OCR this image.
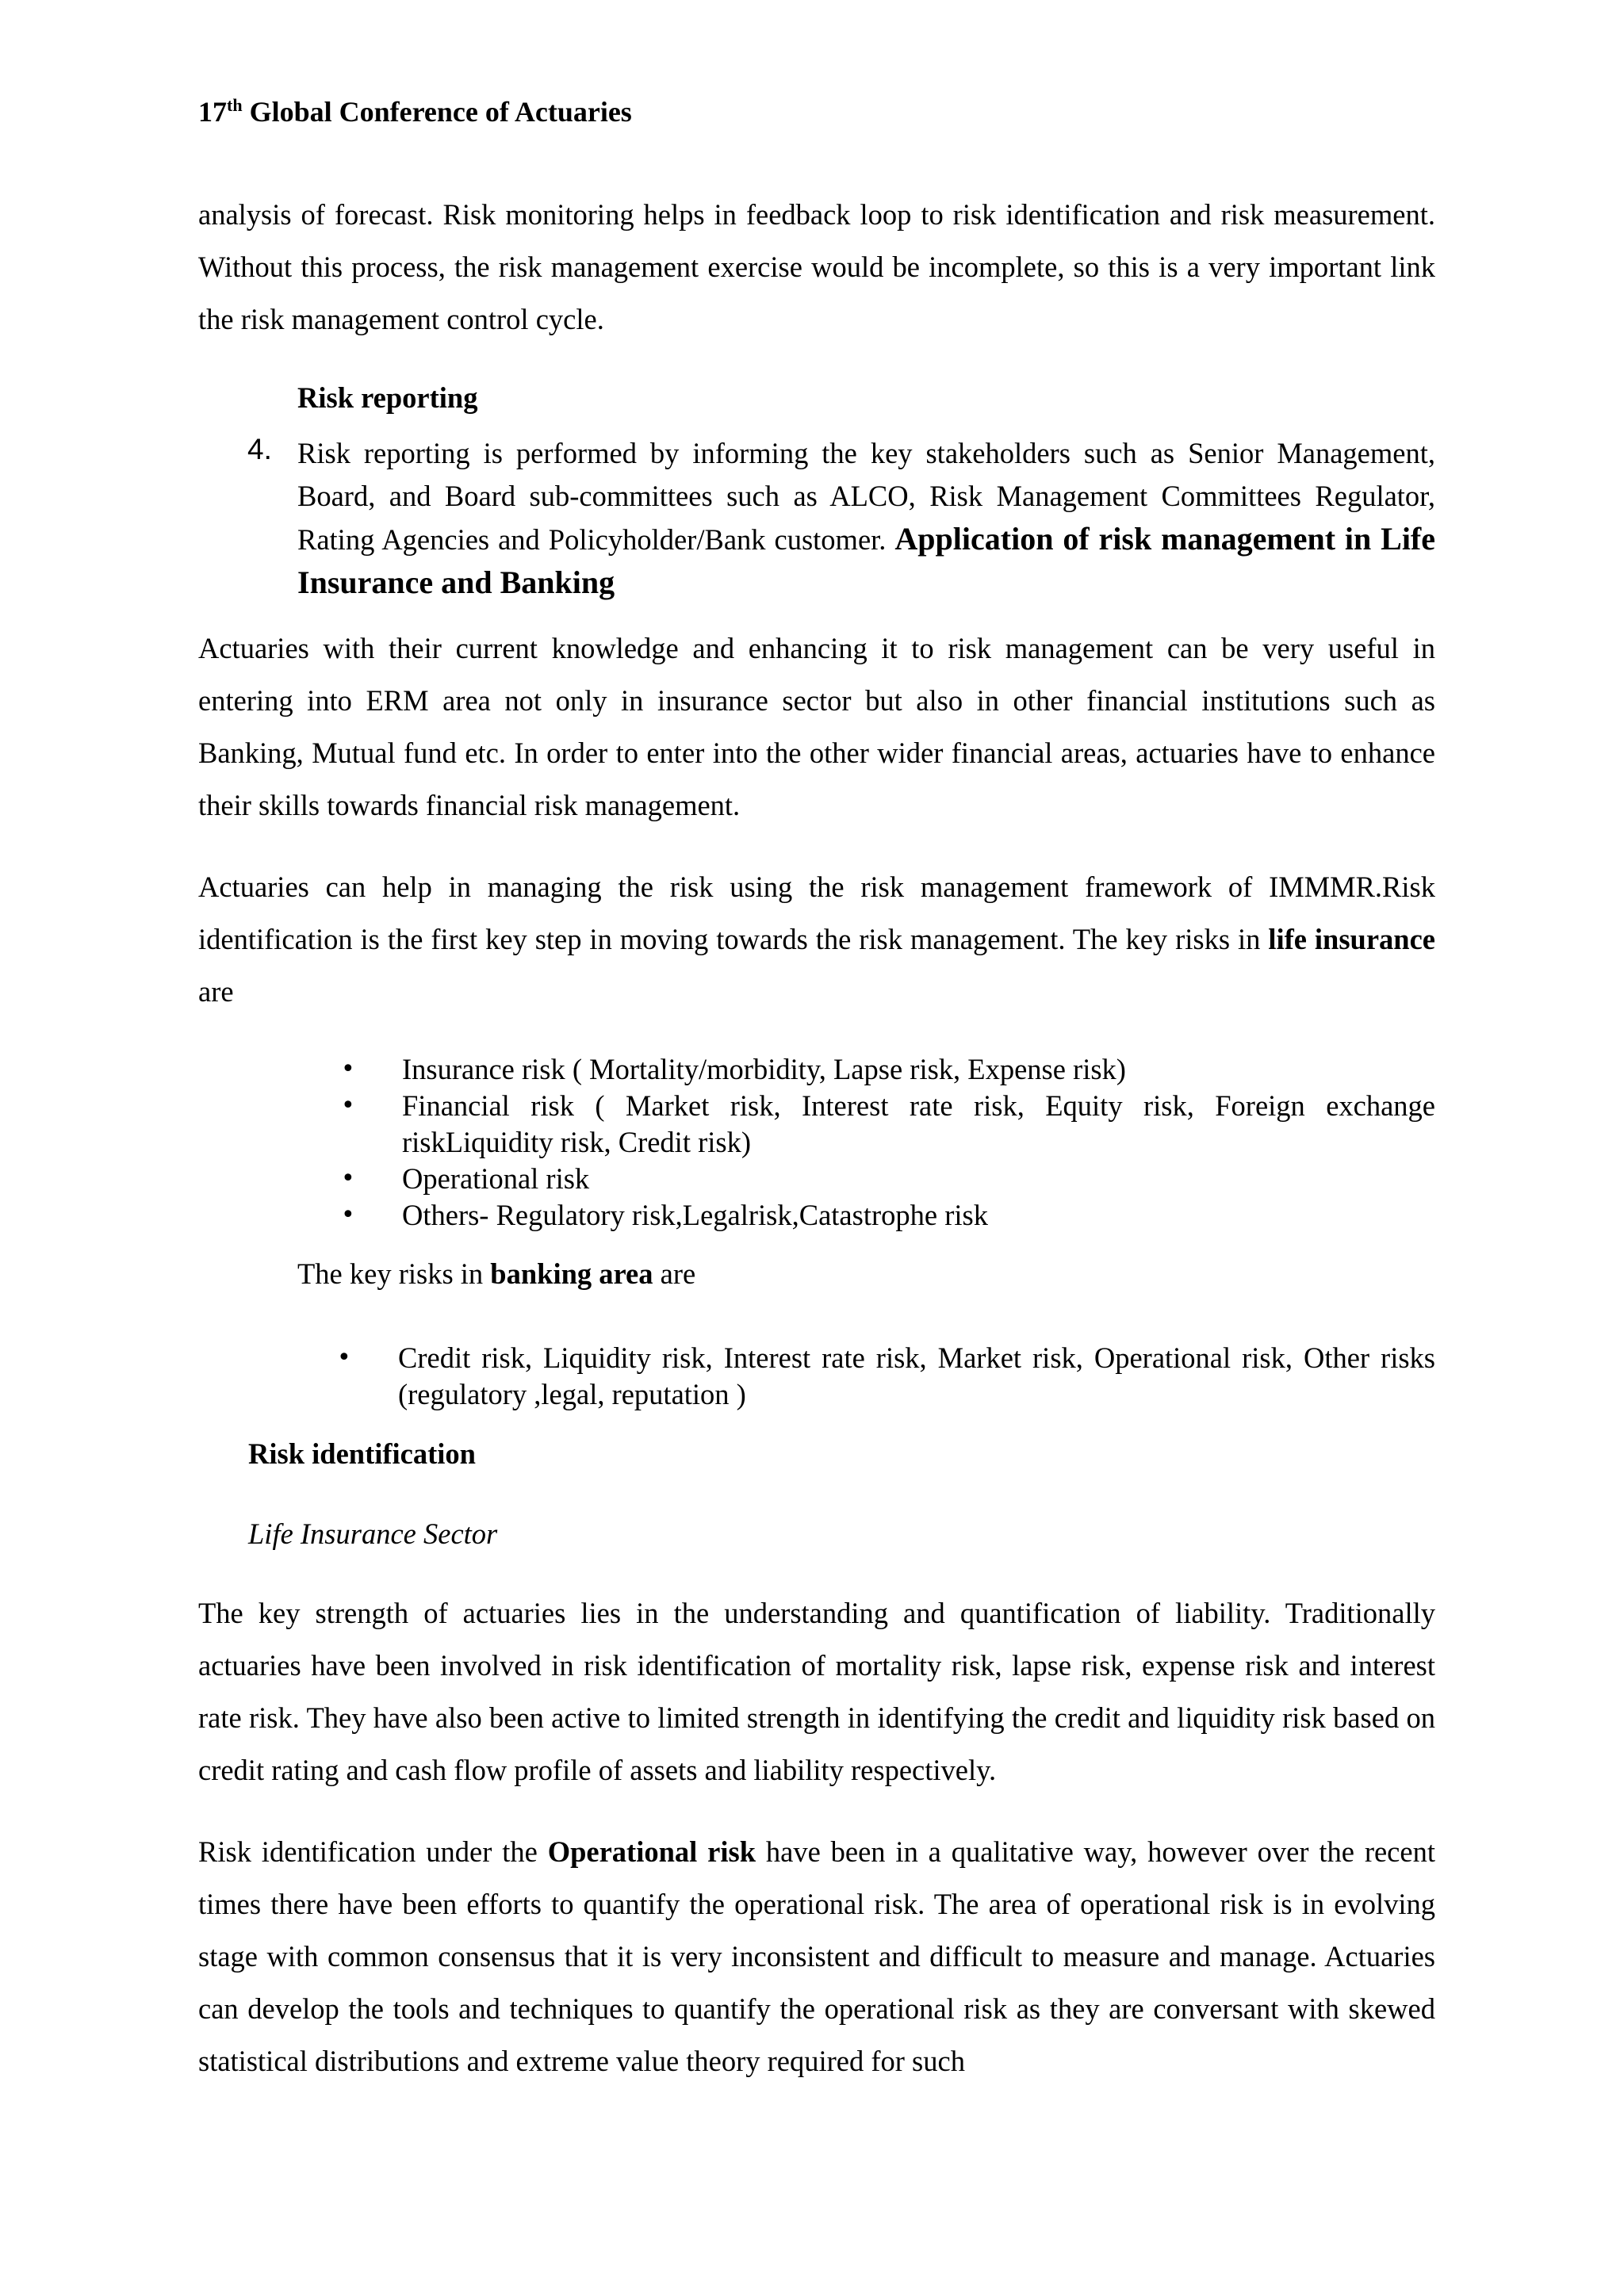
17th Global Conference of Actuaries
analysis of forecast. Risk monitoring helps in feedback loop to risk identification and risk measurement. Without this process, the risk management exercise would be incomplete, so this is a very important link the risk management control cycle.
Risk reporting
4. Risk reporting is performed by informing the key stakeholders such as Senior Management, Board, and Board sub-committees such as ALCO, Risk Management Committees Regulator, Rating Agencies and Policyholder/Bank customer. Application of risk management in Life Insurance and Banking
Actuaries with their current knowledge and enhancing it to risk management can be very useful in entering into ERM area not only in insurance sector but also in other financial institutions such as Banking, Mutual fund etc. In order to enter into the other wider financial areas, actuaries have to enhance their skills towards financial risk management.
Actuaries can help in managing the risk using the risk management framework of IMMMR.Risk identification is the first key step in moving towards the risk management. The key risks in life insurance are
•	Insurance risk ( Mortality/morbidity, Lapse risk, Expense risk)
•	Financial risk ( Market risk, Interest rate risk, Equity risk, Foreign exchange riskLiquidity risk, Credit risk)
•	Operational risk
•	Others- Regulatory risk,Legalrisk,Catastrophe risk
The key risks in banking area are
•	Credit risk, Liquidity risk, Interest rate risk, Market risk, Operational risk, Other risks (regulatory ,legal, reputation )
Risk identification
Life Insurance Sector
The key strength of actuaries lies in the understanding and quantification of liability. Traditionally actuaries have been involved in risk identification of mortality risk, lapse risk, expense risk and interest rate risk. They have also been active to limited strength in identifying the credit and liquidity risk based on credit rating and cash flow profile of assets and liability respectively.
Risk identification under the Operational risk have been in a qualitative way, however over the recent times there have been efforts to quantify the operational risk. The area of operational risk is in evolving stage with common consensus that it is very inconsistent and difficult to measure and manage. Actuaries can develop the tools and techniques to quantify the operational risk as they are conversant with skewed statistical distributions and extreme value theory required for such
